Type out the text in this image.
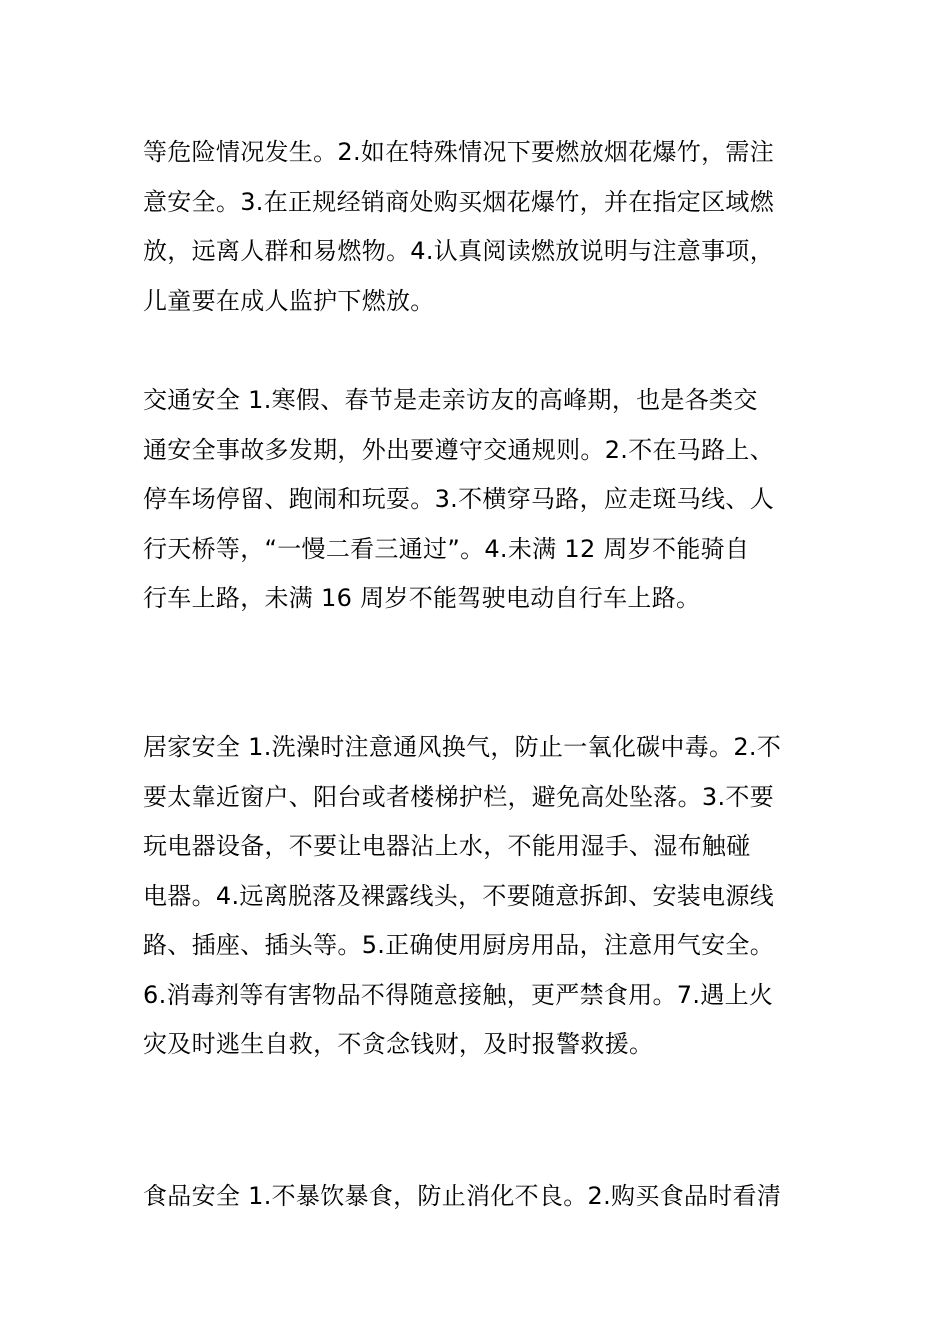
等危险情况发生。2.如在特殊情况下要燃放烟花爆竹，需注
意安全。3.在正规经销商处购买烟花爆竹，并在指定区域燃
放，远离人群和易燃物。4.认真阅读燃放说明与注意事项，
儿童要在成人监护下燃放。

交通安全 1.寒假、春节是走亲访友的高峰期，也是各类交
通安全事故多发期，外出要遵守交通规则。2.不在马路上、
停车场停留、跑闹和玩耍。3.不横穿马路，应走斑马线、人
行天桥等，“一慢二看三通过”。4.未满 12 周岁不能骑自
行车上路，未满 16 周岁不能驾驶电动自行车上路。

居家安全 1.洗澡时注意通风换气，防止一氧化碳中毒。2.不
要太靠近窗户、阳台或者楼梯护栏，避免高处坠落。3.不要
玩电器设备，不要让电器沾上水，不能用湿手、湿布触碰
电器。4.远离脱落及裸露线头，不要随意拆卸、安装电源线
路、插座、插头等。5.正确使用厨房用品，注意用气安全。
6.消毒剂等有害物品不得随意接触，更严禁食用。7.遇上火
灾及时逃生自救，不贪念钱财，及时报警救援。

食品安全 1.不暴饮暴食，防止消化不良。2.购买食品时看清
